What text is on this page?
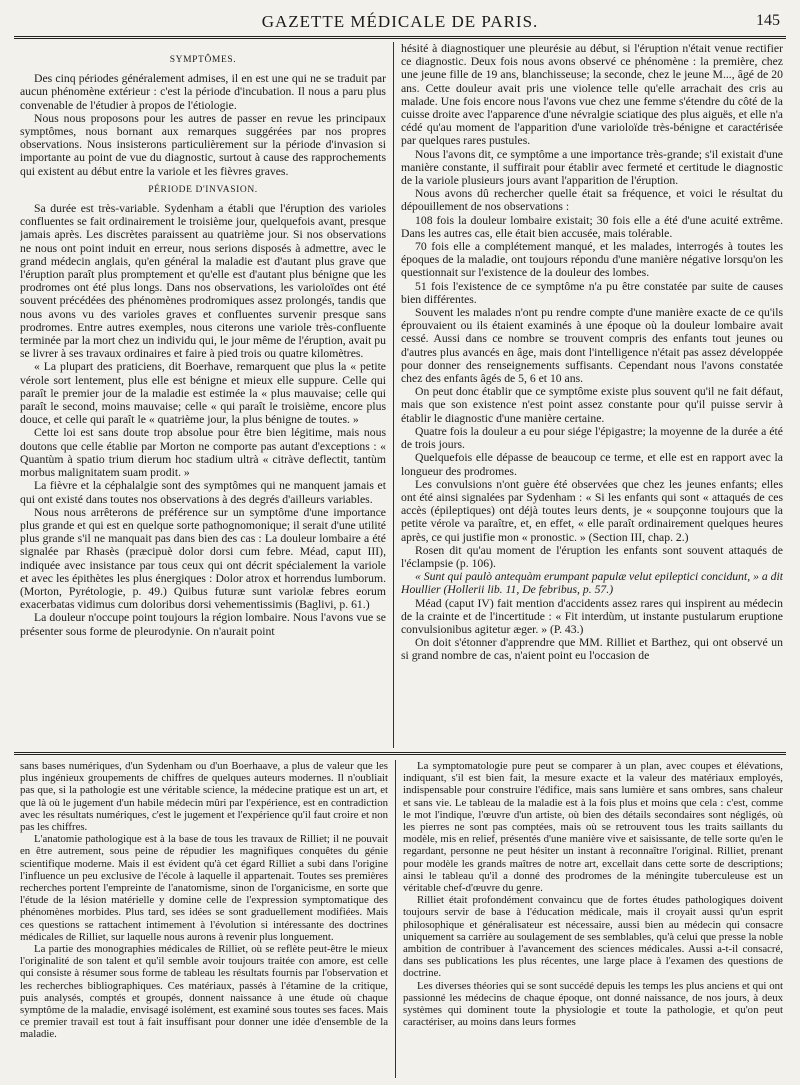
GAZETTE MÉDICALE DE PARIS.	145
SYMPTÔMES.

Des cinq périodes généralement admises, il en est une qui ne se traduit par aucun phénomène extérieur : c'est la période d'incubation. Il nous a paru plus convenable de l'étudier à propos de l'étiologie.

Nous nous proposons pour les autres de passer en revue les principaux symptômes, nous bornant aux remarques suggérées par nos propres observations. Nous insisterons particulièrement sur la période d'invasion si importante au point de vue du diagnostic, surtout à cause des rapprochements qui existent au début entre la variole et les fièvres graves.

PÉRIODE D'INVASION.

Sa durée est très-variable. Sydenham a établi que l'éruption des varioles confluentes se fait ordinairement le troisième jour, quelquefois avant, presque jamais après. Les discrètes paraissent au quatrième jour. Si nos observations ne nous ont point induit en erreur, nous serions disposés à admettre, avec le grand médecin anglais, qu'en général la maladie est d'autant plus grave que l'éruption paraît plus promptement et qu'elle est d'autant plus bénigne que les prodromes ont été plus longs. Dans nos observations, les varioloïdes ont été souvent précédées des phénomènes prodromiques assez prolongés, tandis que nous avons vu des varioles graves et confluentes survenir presque sans prodromes. Entre autres exemples, nous citerons une variole très-confluente terminée par la mort chez un individu qui, le jour même de l'éruption, avait pu se livrer à ses travaux ordinaires et faire à pied trois ou quatre kilomètres.

« La plupart des praticiens, dit Boerhave, remarquent que plus la « petite vérole sort lentement, plus elle est bénigne et mieux elle suppure. Celle qui paraît le premier jour de la maladie est estimée la « plus mauvaise; celle qui paraît le second, moins mauvaise; celle « qui paraît le troisième, encore plus douce, et celle qui paraît le « quatrième jour, la plus bénigne de toutes. »

Cette loi est sans doute trop absolue pour être bien légitime, mais nous doutons que celle établie par Morton ne comporte pas autant d'exceptions : « Quantùm à spatio trium dierum hoc stadium ultrà « citràve deflectit, tantùm morbus malignitatem suam prodit. »

La fièvre et la céphalalgie sont des symptômes qui ne manquent jamais et qui ont existé dans toutes nos observations à des degrés d'ailleurs variables.

Nous nous arrêterons de préférence sur un symptôme d'une importance plus grande et qui est en quelque sorte pathognomonique; il serait d'une utilité plus grande s'il ne manquait pas dans bien des cas : La douleur lombaire a été signalée par Rhasès (præcipuè dolor dorsi cum febre. Méad, caput III), indiquée avec insistance par tous ceux qui ont décrit spécialement la variole et avec les épithètes les plus énergiques : Dolor atrox et horrendus lumborum. (Morton, Pyrétologie, p. 49.) Quibus futuræ sunt variolæ febres eorum exacerbatas vidimus cum doloribus dorsi vehementissimis (Baglivi, p. 61.)

La douleur n'occupe point toujours la région lombaire. Nous l'avons vue se présenter sous forme de pleurodynie. On n'aurait point

hésité à diagnostiquer une pleurésie au début, si l'éruption n'était venue rectifier ce diagnostic. Deux fois nous avons observé ce phénomène : la première, chez une jeune fille de 19 ans, blanchisseuse; la seconde, chez le jeune M..., âgé de 20 ans. Cette douleur avait pris une violence telle qu'elle arrachait des cris au malade. Une fois encore nous l'avons vue chez une femme s'étendre du côté de la cuisse droite avec l'apparence d'une névralgie sciatique des plus aiguës, et elle n'a cédé qu'au moment de l'apparition d'une varioloïde très-bénigne et caractérisée par quelques rares pustules.

Nous l'avons dit, ce symptôme a une importance très-grande; s'il existait d'une manière constante, il suffirait pour établir avec fermeté et certitude le diagnostic de la variole plusieurs jours avant l'apparition de l'éruption.

Nous avons dû rechercher quelle était sa fréquence, et voici le résultat du dépouillement de nos observations :

108 fois la douleur lombaire existait; 30 fois elle a été d'une acuité extrême. Dans les autres cas, elle était bien accusée, mais tolérable.

70 fois elle a complétement manqué, et les malades, interrogés à toutes les époques de la maladie, ont toujours répondu d'une manière négative lorsqu'on les questionnait sur l'existence de la douleur des lombes.

51 fois l'existence de ce symptôme n'a pu être constatée par suite de causes bien différentes.

Souvent les malades n'ont pu rendre compte d'une manière exacte de ce qu'ils éprouvaient ou ils étaient examinés à une époque où la douleur lombaire avait cessé. Aussi dans ce nombre se trouvent compris des enfants tout jeunes ou d'autres plus avancés en âge, mais dont l'intelligence n'était pas assez développée pour donner des renseignements suffisants. Cependant nous l'avons constatée chez des enfants âgés de 5, 6 et 10 ans.

On peut donc établir que ce symptôme existe plus souvent qu'il ne fait défaut, mais que son existence n'est point assez constante pour qu'il puisse servir à établir le diagnostic d'une manière certaine.

Quatre fois la douleur a eu pour siége l'épigastre; la moyenne de la durée a été de trois jours.

Quelquefois elle dépasse de beaucoup ce terme, et elle est en rapport avec la longueur des prodromes.

Les convulsions n'ont guère été observées que chez les jeunes enfants; elles ont été ainsi signalées par Sydenham : « Si les enfants qui sont « attaqués de ces accès (épileptiques) ont déjà toutes leurs dents, je « soupçonne toujours que la petite vérole va paraître, et, en effet, « elle paraît ordinairement quelques heures après, ce qui justifie mon « pronostic. » (Section III, chap. 2.)

Rosen dit qu'au moment de l'éruption les enfants sont souvent attaqués de l'éclampsie (p. 106).

« Sunt qui paulò antequàm erumpant papulæ velut epileptici concidunt, » a dit Houllier (Hollerii lib. 11, De febribus, p. 57.)

Méad (caput IV) fait mention d'accidents assez rares qui inspirent au médecin de la crainte et de l'incertitude : « Fit interdùm, ut instante pustularum eruptione convulsionibus agitetur æger. » (P. 43.)

On doit s'étonner d'apprendre que MM. Rilliet et Barthez, qui ont observé un si grand nombre de cas, n'aient point eu l'occasion de

sans bases numériques, d'un Sydenham ou d'un Boerhaave, a plus de valeur que les plus ingénieux groupements de chiffres de quelques auteurs modernes. Il n'oubliait pas que, si la pathologie est une véritable science, la médecine pratique est un art, et que là où le jugement d'un habile médecin mûri par l'expérience, est en contradiction avec les résultats numériques, c'est le jugement et l'expérience qu'il faut croire et non pas les chiffres.

L'anatomie pathologique est à la base de tous les travaux de Rilliet; il ne pouvait en être autrement, sous peine de répudier les magnifiques conquêtes du génie scientifique moderne. Mais il est évident qu'à cet égard Rilliet a subi dans l'origine l'influence un peu exclusive de l'école à laquelle il appartenait. Toutes ses premières recherches portent l'empreinte de l'anatomisme, sinon de l'organicisme, en sorte que l'étude de la lésion matérielle y domine celle de l'expression symptomatique des phénomènes morbides. Plus tard, ses idées se sont graduellement modifiées. Mais ces questions se rattachent intimement à l'évolution si intéressante des doctrines médicales de Rilliet, sur laquelle nous aurons à revenir plus longuement.

La partie des monographies médicales de Rilliet, où se reflète peut-être le mieux l'originalité de son talent et qu'il semble avoir toujours traitée con amore, est celle qui consiste à résumer sous forme de tableau les résultats fournis par l'observation et les recherches bibliographiques. Ces matériaux, passés à l'étamine de la critique, puis analysés, comptés et groupés, donnent naissance à une étude où chaque symptôme de la maladie, envisagé isolément, est examiné sous toutes ses faces. Mais ce premier travail est tout à fait insuffisant pour donner une idée d'ensemble de la maladie.

La symptomatologie pure peut se comparer à un plan, avec coupes et élévations, indiquant, s'il est bien fait, la mesure exacte et la valeur des matériaux employés, indispensable pour construire l'édifice, mais sans lumière et sans ombres, sans chaleur et sans vie. Le tableau de la maladie est à la fois plus et moins que cela : c'est, comme le mot l'indique, l'œuvre d'un artiste, où bien des détails secondaires sont négligés, où les pierres ne sont pas comptées, mais où se retrouvent tous les traits saillants du modèle, mis en relief, présentés d'une manière vive et saisissante, de telle sorte qu'en le regardant, personne ne peut hésiter un instant à reconnaître l'original. Rilliet, prenant pour modèle les grands maîtres de notre art, excellait dans cette sorte de descriptions; ainsi le tableau qu'il a donné des prodromes de la méningite tuberculeuse est un véritable chef-d'œuvre du genre.

Rilliet était profondément convaincu que de fortes études pathologiques doivent toujours servir de base à l'éducation médicale, mais il croyait aussi qu'un esprit philosophique et généralisateur est nécessaire, aussi bien au médecin qui consacre uniquement sa carrière au soulagement de ses semblables, qu'à celui que presse la noble ambition de contribuer à l'avancement des sciences médicales. Aussi a-t-il consacré, dans ses publications les plus récentes, une large place à l'examen des questions de doctrine.

Les diverses théories qui se sont succédé depuis les temps les plus anciens et qui ont passionné les médecins de chaque époque, ont donné naissance, de nos jours, à deux systèmes qui dominent toute la physiologie et toute la pathologie, et qu'on peut caractériser, au moins dans leurs formes
